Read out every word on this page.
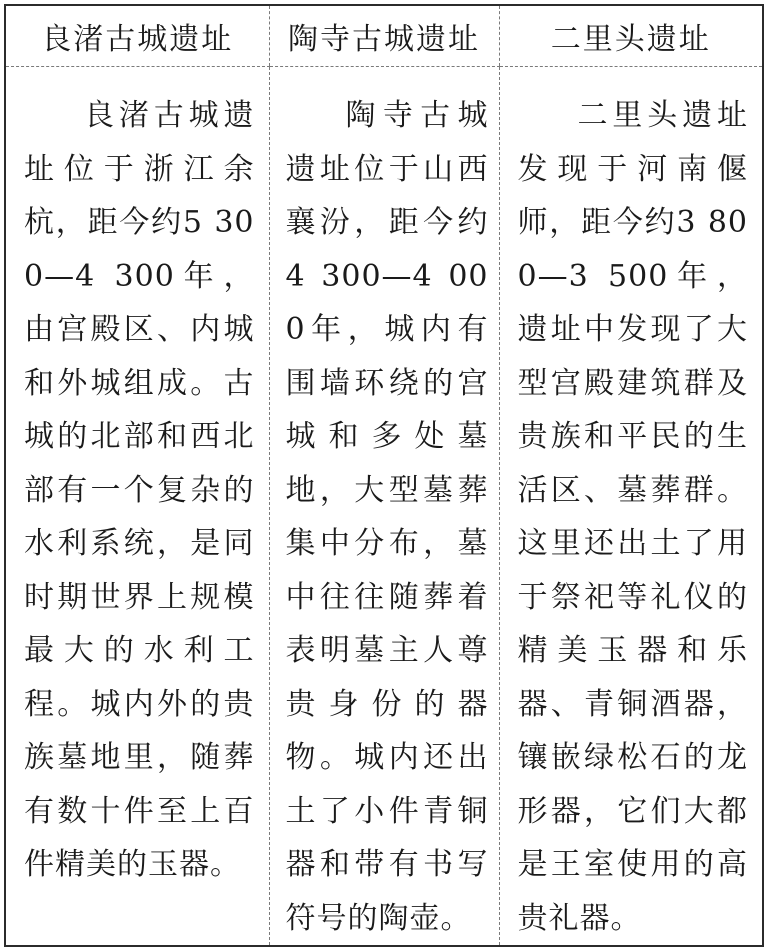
良渚古城遗址	陶寺古城遗址	二里头遗址
良渚古城遗址位于浙江余杭，距今约5 300—4 300年，由宫殿区、内城和外城组成。古城的北部和西北部有一个复杂的水利系统，是同时期世界上规模最大的水利工程。城内外的贵族墓地里，随葬有数十件至上百件精美的玉器。	陶寺古城遗址位于山西襄汾，距今约4 300—4 000年，城内有围墙环绕的宫城和多处墓地，大型墓葬集中分布，墓中往往随葬着表明墓主人尊贵身份的器物。城内还出土了小件青铜器和带有书写符号的陶壶。	二里头遗址发现于河南偃师，距今约3 800—3 500年，遗址中发现了大型宫殿建筑群及贵族和平民的生活区、墓葬群。这里还出土了用于祭祀等礼仪的精美玉器和乐器、青铜酒器，镶嵌绿松石的龙形器，它们大都是王室使用的高贵礼器。
